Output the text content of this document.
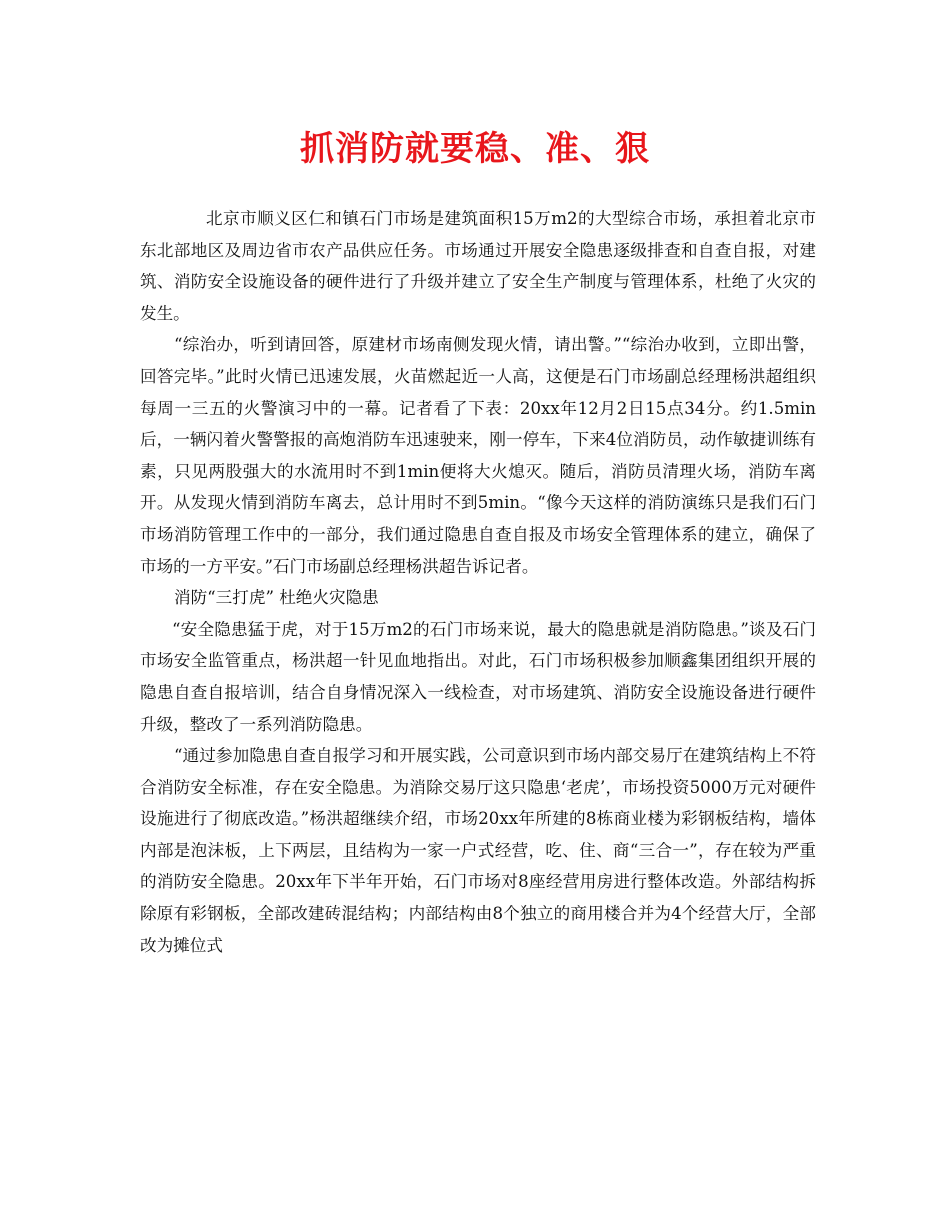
抓消防就要稳、准、狠

北京市顺义区仁和镇石门市场是建筑面积15万m2的大型综合市场，承担着北京市东北部地区及周边省市农产品供应任务。市场通过开展安全隐患逐级排查和自查自报，对建筑、消防安全设施设备的硬件进行了升级并建立了安全生产制度与管理体系，杜绝了火灾的发生。

“综治办，听到请回答，原建材市场南侧发现火情，请出警。”“综治办收到，立即出警，回答完毕。”此时火情已迅速发展，火苗燃起近一人高，这便是石门市场副总经理杨洪超组织每周一三五的火警演习中的一幕。记者看了下表：20xx年12月2日15点34分。约1.5min后，一辆闪着火警警报的高炮消防车迅速驶来，刚一停车，下来4位消防员，动作敏捷训练有素，只见两股强大的水流用时不到1min便将大火熄灭。随后，消防员清理火场，消防车离开。从发现火情到消防车离去，总计用时不到5min。“像今天这样的消防演练只是我们石门市场消防管理工作中的一部分，我们通过隐患自查自报及市场安全管理体系的建立，确保了市场的一方平安。”石门市场副总经理杨洪超告诉记者。

消防“三打虎” 杜绝火灾隐患

“安全隐患猛于虎，对于15万m2的石门市场来说，最大的隐患就是消防隐患。”谈及石门市场安全监管重点，杨洪超一针见血地指出。对此，石门市场积极参加顺鑫集团组织开展的隐患自查自报培训，结合自身情况深入一线检查，对市场建筑、消防安全设施设备进行硬件升级，整改了一系列消防隐患。

“通过参加隐患自查自报学习和开展实践，公司意识到市场内部交易厅在建筑结构上不符合消防安全标准，存在安全隐患。为消除交易厅这只隐患‘老虎’，市场投资5000万元对硬件设施进行了彻底改造。”杨洪超继续介绍，市场20xx年所建的8栋商业楼为彩钢板结构，墙体内部是泡沫板，上下两层，且结构为一家一户式经营，吃、住、商“三合一”，存在较为严重的消防安全隐患。20xx年下半年开始，石门市场对8座经营用房进行整体改造。外部结构拆除原有彩钢板，全部改建砖混结构；内部结构由8个独立的商用楼合并为4个经营大厅，全部改为摊位式
